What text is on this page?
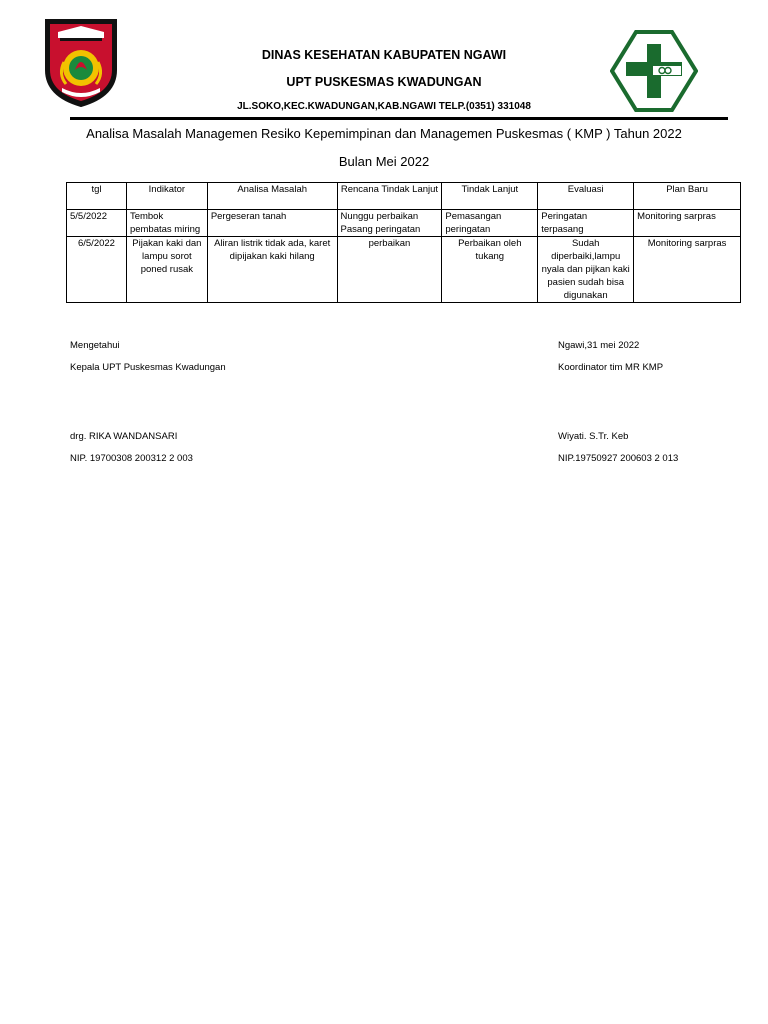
DINAS KESEHATAN KABUPATEN NGAWI
UPT PUSKESMAS KWADUNGAN
JL.SOKO,KEC.KWADUNGAN,KAB.NGAWI TELP.(0351) 331048
Analisa Masalah Managemen Resiko Kepemimpinan dan Managemen Puskesmas ( KMP ) Tahun 2022
Bulan Mei 2022
tgl	Indikator	Analisa Masalah	Rencana Tindak Lanjut	Tindak Lanjut	Evaluasi	Plan Baru
5/5/2022	Tembok pembatas miring	Pergeseran tanah	Nunggu perbaikan Pasang peringatan	Pemasangan peringatan	Peringatan terpasang	Monitoring sarpras
6/5/2022	Pijakan kaki dan lampu sorot poned rusak	Aliran listrik tidak ada, karet dipijakan kaki hilang	perbaikan	Perbaikan oleh tukang	Sudah diperbaiki,lampu nyala dan pijkan kaki pasien sudah bisa digunakan	Monitoring sarpras
Mengetahui
Kepala UPT Puskesmas Kwadungan
drg. RIKA WANDANSARI
NIP. 19700308 200312 2 003
Ngawi,31 mei 2022
Koordinator tim MR KMP
Wiyati. S.Tr. Keb
NIP.19750927 200603 2 013
